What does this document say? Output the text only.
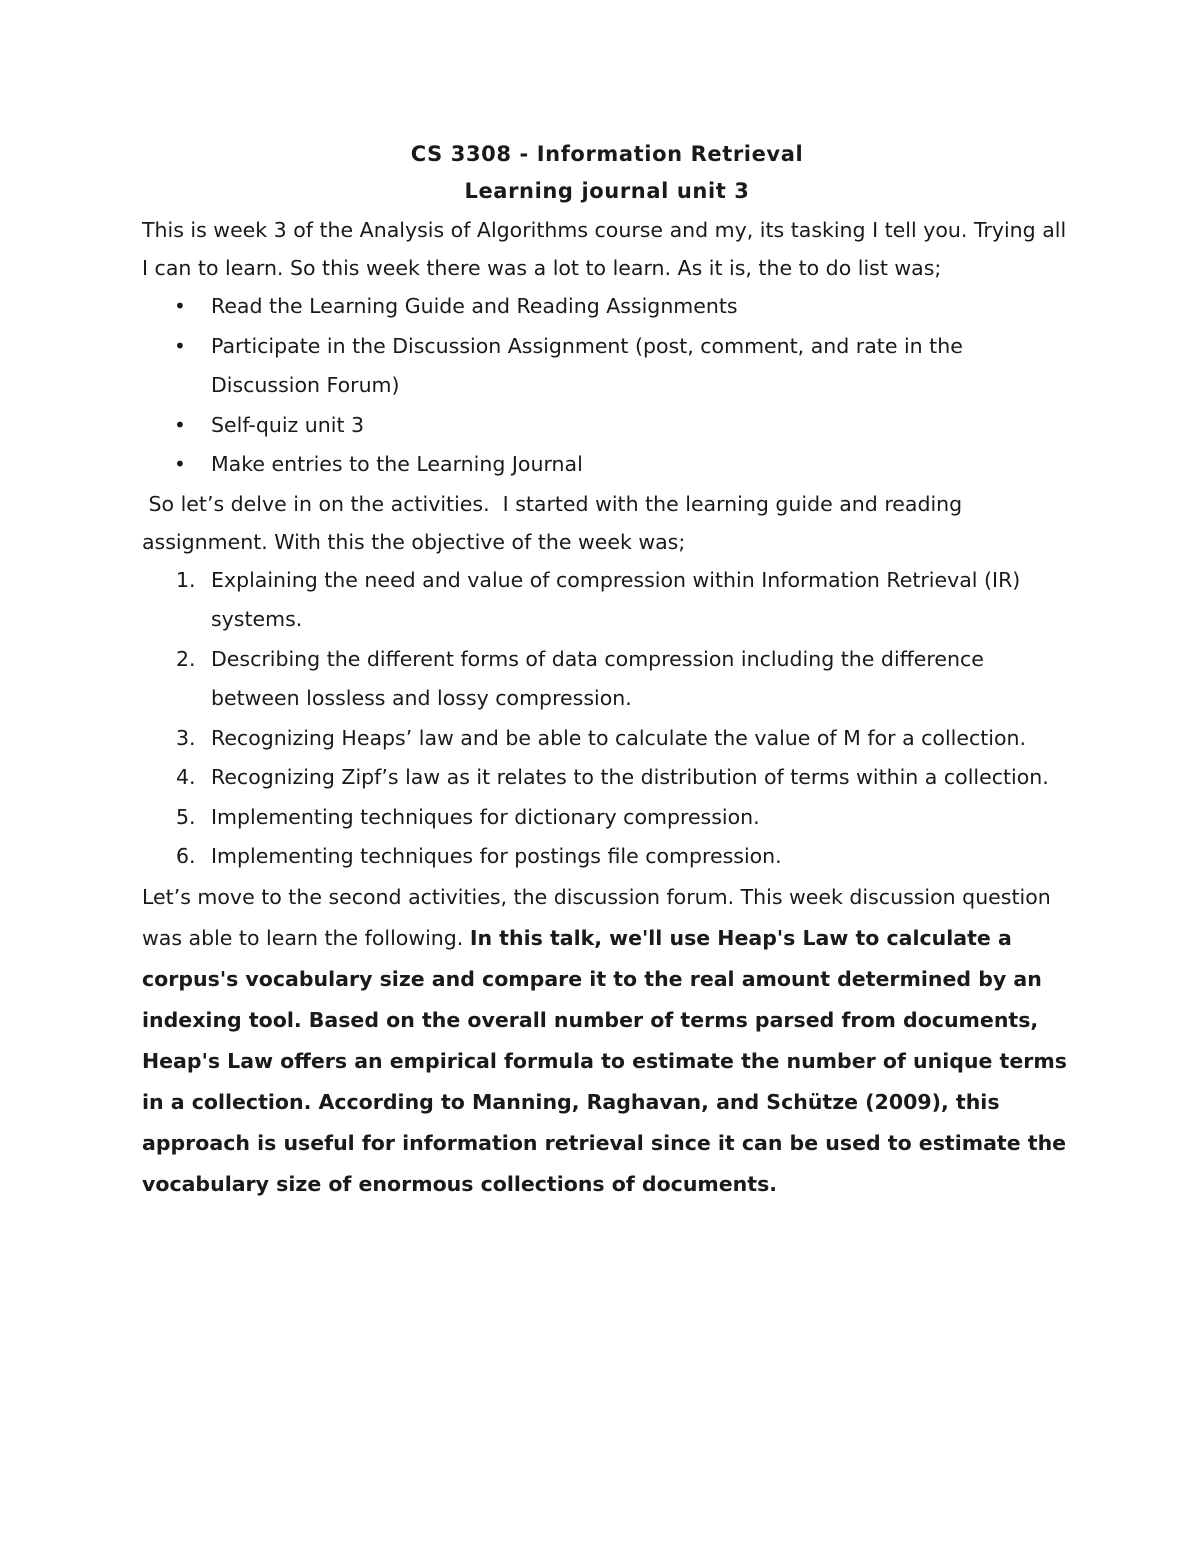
CS 3308 - Information Retrieval

Learning journal unit 3

This is week 3 of the Analysis of Algorithms course and my, its tasking I tell you. Trying all I can to learn. So this week there was a lot to learn. As it is, the to do list was;

• Read the Learning Guide and Reading Assignments
• Participate in the Discussion Assignment (post, comment, and rate in the Discussion Forum)
• Self-quiz unit 3
• Make entries to the Learning Journal

So let’s delve in on the activities.  I started with the learning guide and reading assignment. With this the objective of the week was;

1. Explaining the need and value of compression within Information Retrieval (IR) systems.
2. Describing the different forms of data compression including the difference between lossless and lossy compression.
3. Recognizing Heaps’ law and be able to calculate the value of M for a collection.
4. Recognizing Zipf’s law as it relates to the distribution of terms within a collection.
5. Implementing techniques for dictionary compression.
6. Implementing techniques for postings file compression.

Let’s move to the second activities, the discussion forum. This week discussion question was able to learn the following. In this talk, we'll use Heap's Law to calculate a corpus's vocabulary size and compare it to the real amount determined by an indexing tool. Based on the overall number of terms parsed from documents, Heap's Law offers an empirical formula to estimate the number of unique terms in a collection. According to Manning, Raghavan, and Schütze (2009), this approach is useful for information retrieval since it can be used to estimate the vocabulary size of enormous collections of documents.
